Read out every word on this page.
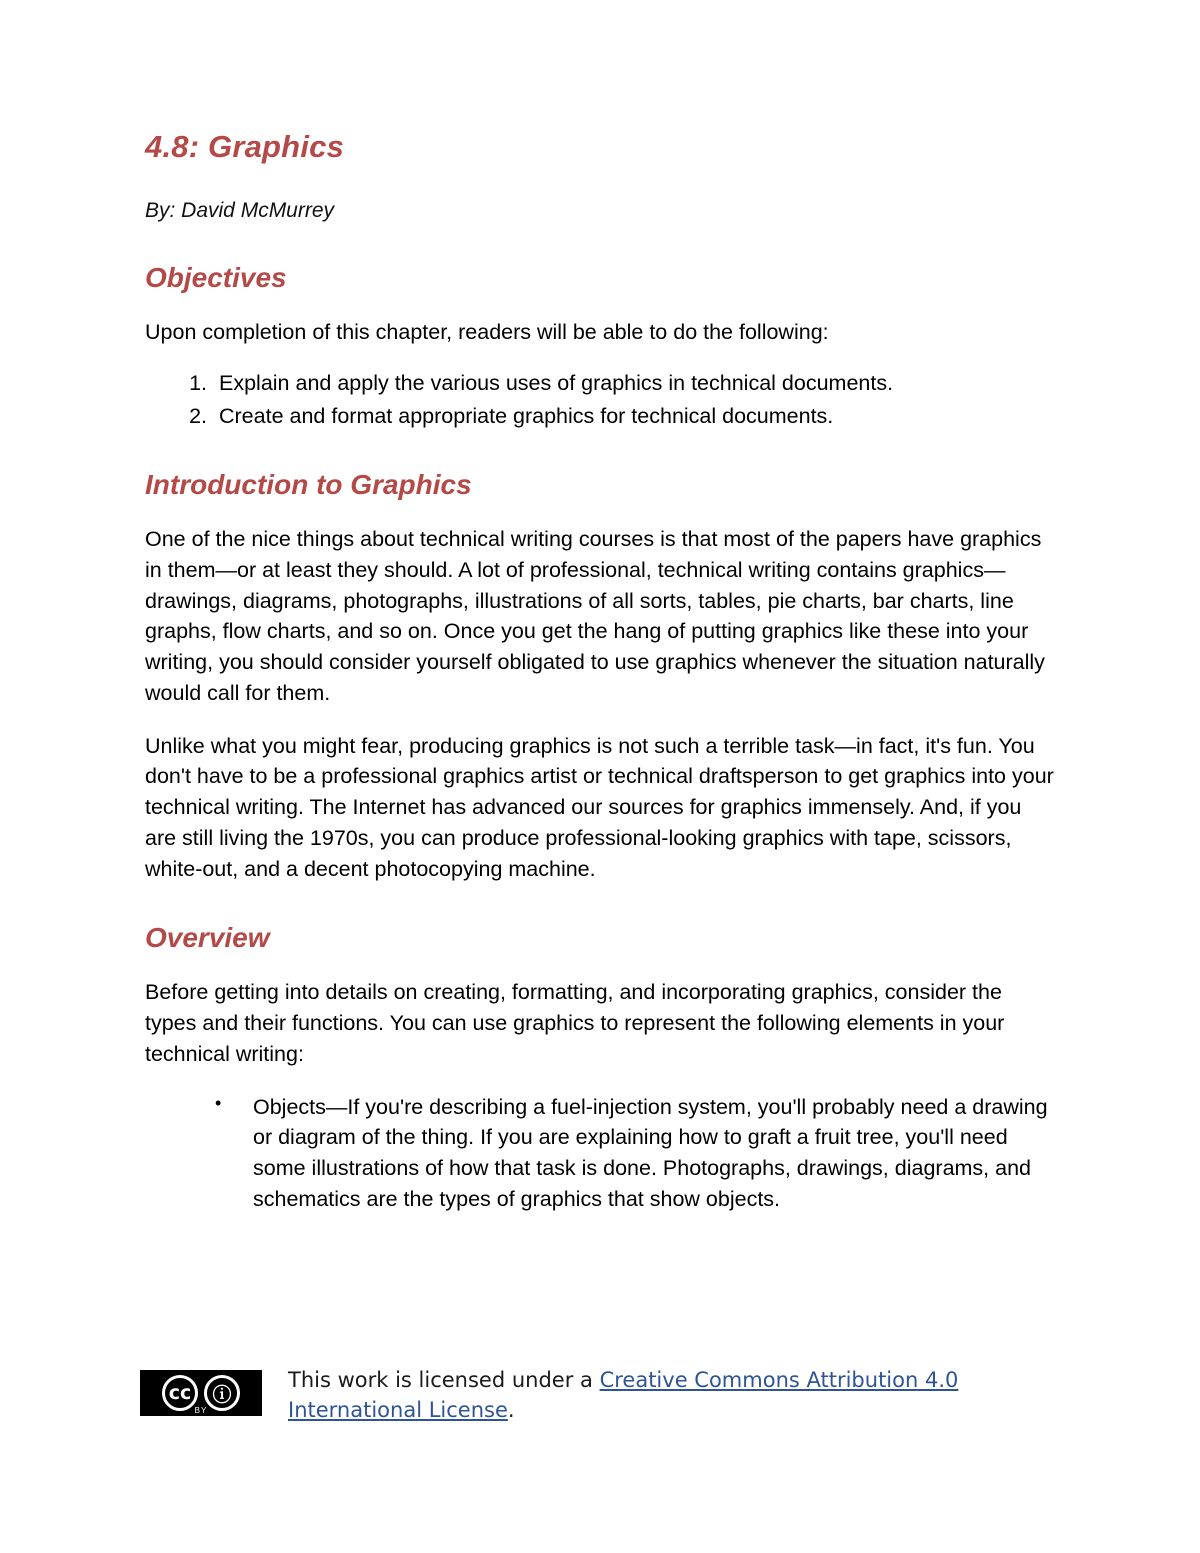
4.8: Graphics

By: David McMurrey

Objectives

Upon completion of this chapter, readers will be able to do the following:

1. Explain and apply the various uses of graphics in technical documents.
2. Create and format appropriate graphics for technical documents.
Introduction to Graphics

One of the nice things about technical writing courses is that most of the papers have graphics in them—or at least they should. A lot of professional, technical writing contains graphics—drawings, diagrams, photographs, illustrations of all sorts, tables, pie charts, bar charts, line graphs, flow charts, and so on. Once you get the hang of putting graphics like these into your writing, you should consider yourself obligated to use graphics whenever the situation naturally would call for them.

Unlike what you might fear, producing graphics is not such a terrible task—in fact, it's fun. You don't have to be a professional graphics artist or technical draftsperson to get graphics into your technical writing. The Internet has advanced our sources for graphics immensely. And, if you are still living the 1970s, you can produce professional-looking graphics with tape, scissors, white-out, and a decent photocopying machine.

Overview

Before getting into details on creating, formatting, and incorporating graphics, consider the types and their functions. You can use graphics to represent the following elements in your technical writing:

• Objects—If you're describing a fuel-injection system, you'll probably need a drawing or diagram of the thing. If you are explaining how to graft a fruit tree, you'll need some illustrations of how that task is done. Photographs, drawings, diagrams, and schematics are the types of graphics that show objects.
cc	ⓘ
BY
This work is licensed under a Creative Commons Attribution 4.0 International License.
